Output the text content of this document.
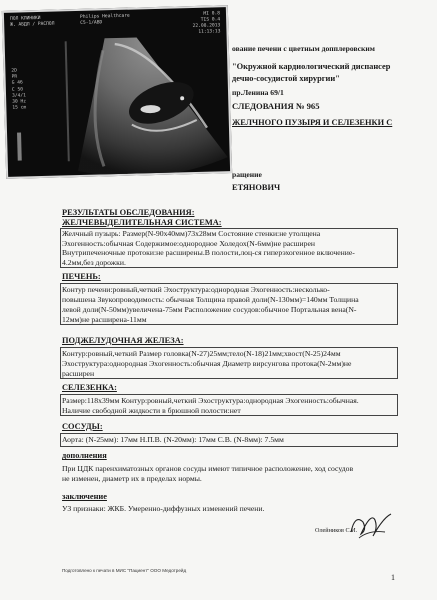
ПОЛ КЛИНИКИ
Ж. АБДЛ / РАСПОЛ
Philips Healthcare
C5-1/ABD
MI 0.8
TIS 0.4
22.08.2013
11:13:13
2D
PR
G 46
C 50
3/4/1
30 Hz
15 cm
ование печени с цветным допплеровским
"Окружной кардиологический диспансер
дечно-сосудистой хирургии"
пр.Ленина 69/1
СЛЕДОВАНИЯ № 965
ЖЕЛЧНОГО ПУЗЫРЯ И СЕЛЕЗЕНКИ С
ращение
ЕТЯНОВИЧ
РЕЗУЛЬТАТЫ ОБСЛЕДОВАНИЯ:
ЖЕЛЧЕВЫДЕЛИТЕЛЬНАЯ СИСТЕМА:
Желчный пузырь: Размер(N-90х40мм)73х28мм Состояние стенки:не утолщена
Эхогенность:обычная Содержимое:однородное Холедох(N-6мм)не расширен
Внутрипеченочные протоки:не расширены.В полости,лоц-ся гиперэхогенное включение-
4.2мм,без дорожки.
ПЕЧЕНЬ:
Контур печени:ровный,четкий Эхоструктура:однородная Эхогенность:несколько-
повышена Звукопроводимость: обычная Толщина правой доли(N-130мм)=140мм Толщина
левой доли(N-50мм)увеличена-75мм Расположение сосудов:обычное Портальная вена(N-
12мм)не расширена-11мм
ПОДЖЕЛУДОЧНАЯ ЖЕЛЕЗА:
Контур:ровный,четкий Размер головка(N-27)25мм;тело(N-18)21мм;хвост(N-25)24мм
Эхоструктура:однородная Эхогенность:обычная Диаметр вирсунгова протока(N-2мм)не
расширен
СЕЛЕЗЕНКА:
Размер:118х39мм Контур:ровный,четкий Эхоструктура:однородная Эхогенность:обычная.
Наличие свободной жидкости в брюшной полости:нет
СОСУДЫ:
Аорта: (N-25мм): 17мм Н.П.В. (N-20мм): 17мм С.В. (N-8мм): 7.5мм
дополнения
При ЦДК паренхиматозных органов сосуды имеют типичное расположение, ход сосудов
не изменен, диаметр их в пределах нормы.
заключение
УЗ признаки: ЖКБ. Умеренно-диффузных изменений печени.
Олейников С.И.
Подготовлено к печати в МИС "Пациент" ООО Медотрейд
1
